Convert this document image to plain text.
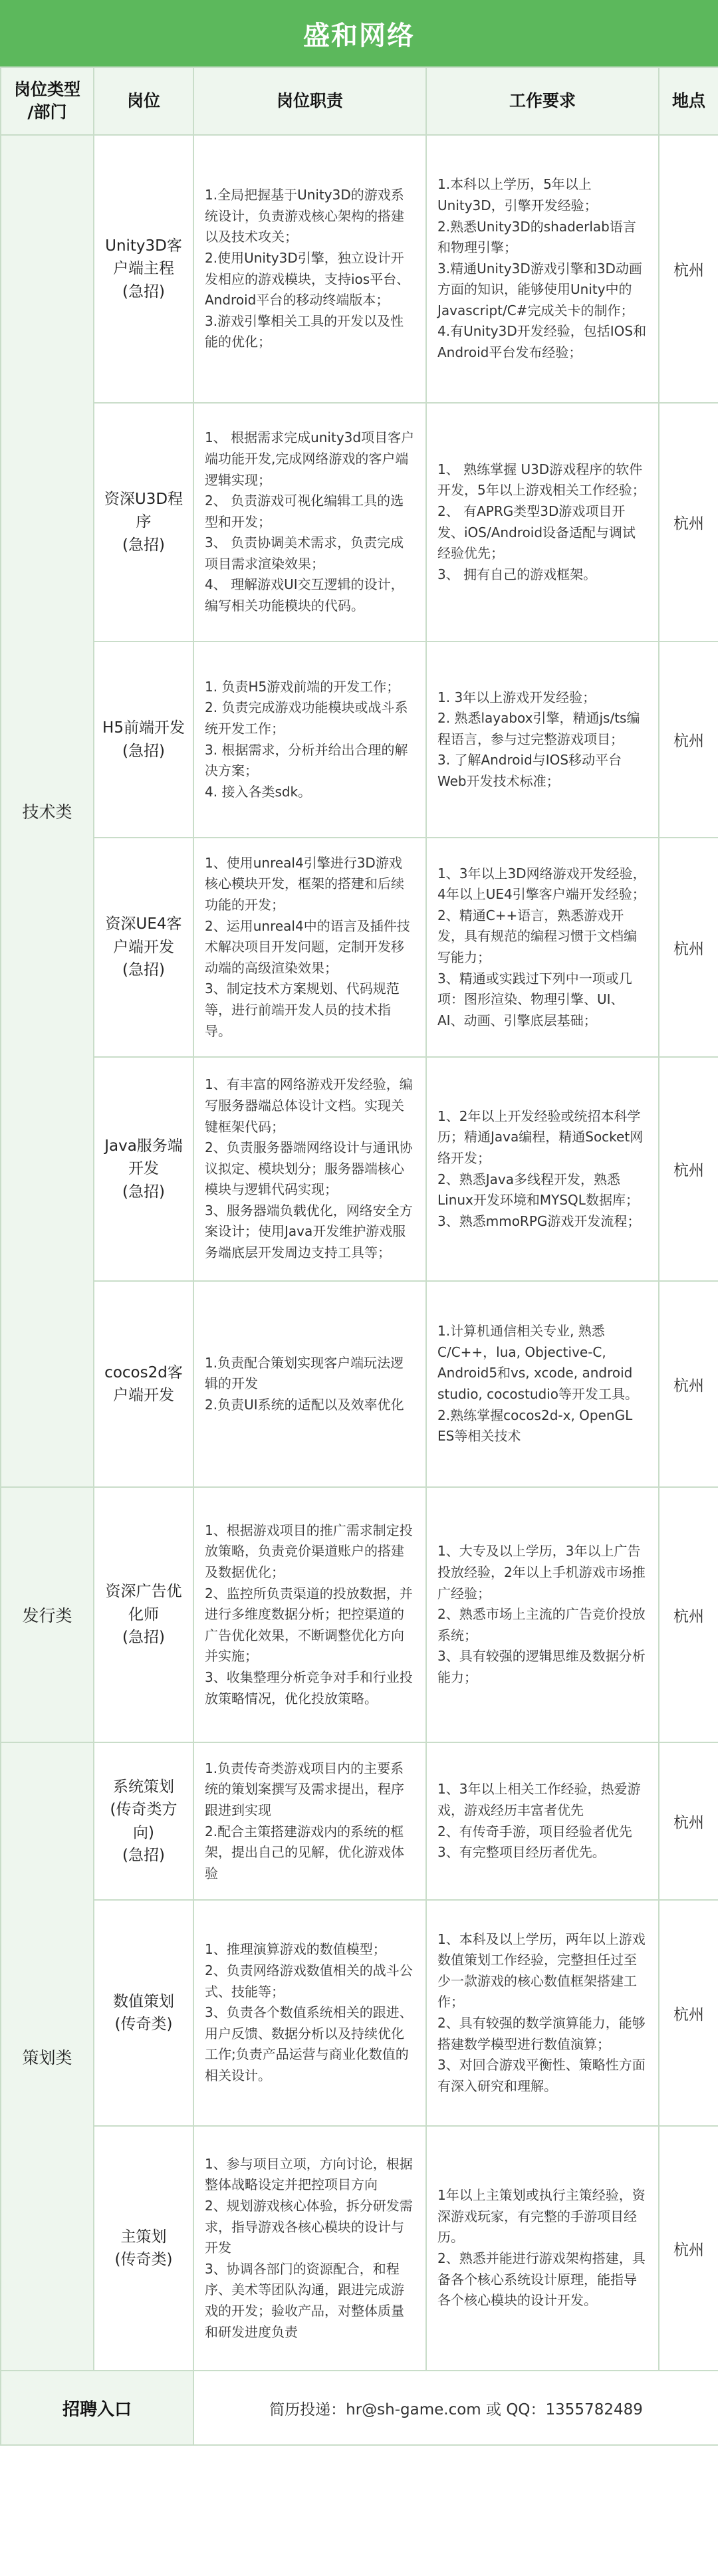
盛和网络
岗位类型
/部门	岗位	岗位职责	工作要求	地点
技术类	Unity3D客户端主程
(急招)	1.全局把握基于Unity3D的游戏系统设计，负责游戏核心架构的搭建以及技术攻关；
2.使用Unity3D引擎，独立设计开发相应的游戏模块，支持ios平台、Android平台的移动终端版本；
3.游戏引擎相关工具的开发以及性能的优化；	1.本科以上学历，5年以上Unity3D，引擎开发经验；
2.熟悉Unity3D的shaderlab语言和物理引擎；
3.精通Unity3D游戏引擎和3D动画方面的知识，能够使用Unity中的Javascript/C#完成关卡的制作；
4.有Unity3D开发经验，包括IOS和Android平台发布经验；	杭州
	资深U3D程序
(急招)	1、 根据需求完成unity3d项目客户端功能开发,完成网络游戏的客户端逻辑实现；
2、 负责游戏可视化编辑工具的选型和开发；
3、 负责协调美术需求，负责完成项目需求渲染效果；
4、 理解游戏UI交互逻辑的设计，编写相关功能模块的代码。	1、 熟练掌握 U3D游戏程序的软件开发，5年以上游戏相关工作经验；
2、 有APRG类型3D游戏项目开发、iOS/Android设备适配与调试经验优先；
3、 拥有自己的游戏框架。	杭州
	H5前端开发
(急招)	1. 负责H5游戏前端的开发工作；
2. 负责完成游戏功能模块或战斗系统开发工作；
3. 根据需求，分析并给出合理的解决方案；
4. 接入各类sdk。	1. 3年以上游戏开发经验；
2. 熟悉layabox引擎，精通js/ts编程语言，参与过完整游戏项目；
3. 了解Android与IOS移动平台Web开发技术标准；	杭州
	资深UE4客户端开发
(急招)	1、使用unreal4引擎进行3D游戏核心模块开发，框架的搭建和后续功能的开发；
2、运用unreal4中的语言及插件技术解决项目开发问题，定制开发移动端的高级渲染效果；
3、制定技术方案规划、代码规范等，进行前端开发人员的技术指导。	1、3年以上3D网络游戏开发经验，4年以上UE4引擎客户端开发经验；
2、精通C++语言，熟悉游戏开发，具有规范的编程习惯于文档编写能力；
3、精通或实践过下列中一项或几项：图形渲染、物理引擎、UI、AI、动画、引擎底层基础；	杭州
	Java服务端开发
(急招)	1、有丰富的网络游戏开发经验，编写服务器端总体设计文档。实现关键框架代码；
2、负责服务器端网络设计与通讯协议拟定、模块划分；服务器端核心模块与逻辑代码实现；
3、服务器端负载优化，网络安全方案设计；使用Java开发维护游戏服务端底层开发周边支持工具等；	1、2年以上开发经验或统招本科学历；精通Java编程，精通Socket网络开发；
2、熟悉Java多线程开发，熟悉Linux开发环境和MYSQL数据库；
3、熟悉mmoRPG游戏开发流程；	杭州
	cocos2d客户端开发	1.负责配合策划实现客户端玩法逻辑的开发
2.负责UI系统的适配以及效率优化	1.计算机通信相关专业, 熟悉C/C++，lua, Objective-C, Android5和vs, xcode, android studio, cocostudio等开发工具。
2.熟练掌握cocos2d-x, OpenGL ES等相关技术	杭州
发行类	资深广告优化师
(急招)	1、根据游戏项目的推广需求制定投放策略，负责竞价渠道账户的搭建及数据优化；
2、监控所负责渠道的投放数据，并进行多维度数据分析；把控渠道的广告优化效果，不断调整优化方向并实施；
3、收集整理分析竞争对手和行业投放策略情况，优化投放策略。	1、大专及以上学历，3年以上广告投放经验，2年以上手机游戏市场推广经验；
2、熟悉市场上主流的广告竞价投放系统；
3、具有较强的逻辑思维及数据分析能力；	杭州
策划类	系统策划
(传奇类方向)
(急招)	1.负责传奇类游戏项目内的主要系统的策划案撰写及需求提出，程序跟进到实现
2.配合主策搭建游戏内的系统的框架，提出自己的见解，优化游戏体验	1、3年以上相关工作经验，热爱游戏，游戏经历丰富者优先
2、有传奇手游，项目经验者优先
3、有完整项目经历者优先。	杭州
	数值策划
(传奇类)	1、推理演算游戏的数值模型；
2、负责网络游戏数值相关的战斗公式、技能等；
3、负责各个数值系统相关的跟进、用户反馈、数据分析以及持续优化工作;负责产品运营与商业化数值的相关设计。	1、本科及以上学历，两年以上游戏数值策划工作经验，完整担任过至少一款游戏的核心数值框架搭建工作；
2、具有较强的数学演算能力，能够搭建数学模型进行数值演算；
3、对回合游戏平衡性、策略性方面有深入研究和理解。	杭州
	主策划
(传奇类)	1、参与项目立项，方向讨论，根据整体战略设定并把控项目方向
2、规划游戏核心体验，拆分研发需求，指导游戏各核心模块的设计与开发
3、协调各部门的资源配合，和程序、美术等团队沟通，跟进完成游戏的开发；验收产品，对整体质量和研发进度负责	1年以上主策划或执行主策经验，资深游戏玩家，有完整的手游项目经历。
2、熟悉并能进行游戏架构搭建，具备各个核心系统设计原理，能指导各个核心模块的设计开发。	杭州
招聘入口		简历投递：hr@sh-game.com 或 QQ：1355782489		
